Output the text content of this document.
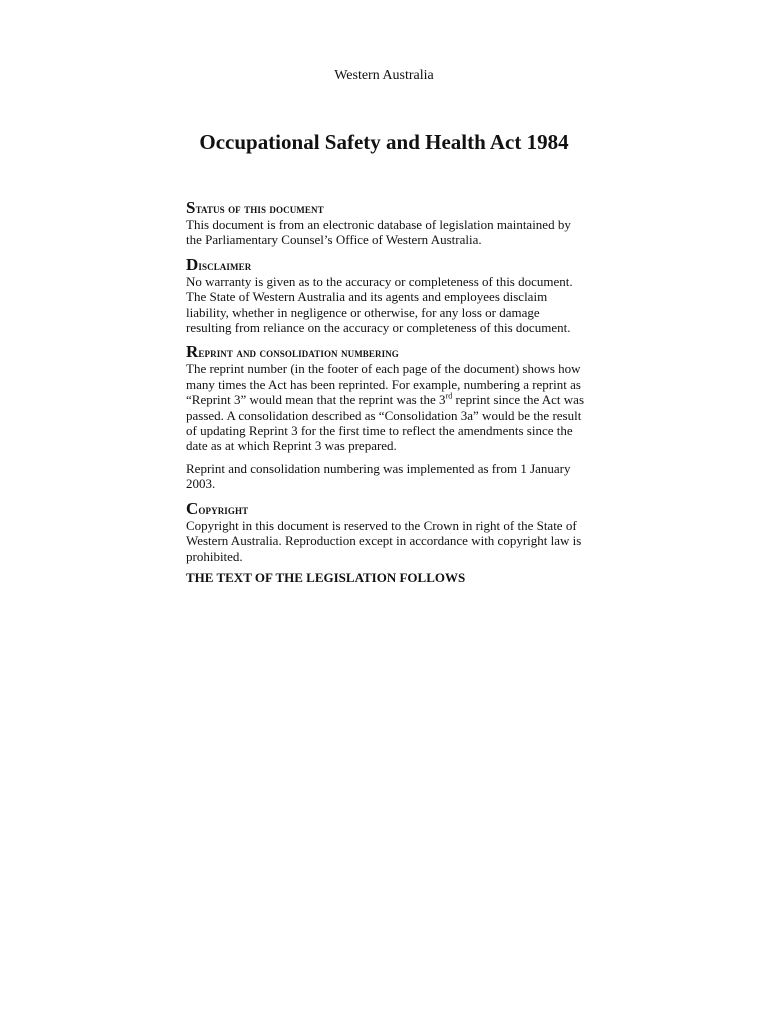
Western Australia
Occupational Safety and Health Act 1984
Status of this document

This document is from an electronic database of legislation maintained by the Parliamentary Counsel’s Office of Western Australia.

Disclaimer

No warranty is given as to the accuracy or completeness of this document. The State of Western Australia and its agents and employees disclaim liability, whether in negligence or otherwise, for any loss or damage resulting from reliance on the accuracy or completeness of this document.

Reprint and consolidation numbering

The reprint number (in the footer of each page of the document) shows how many times the Act has been reprinted. For example, numbering a reprint as “Reprint 3” would mean that the reprint was the 3rd reprint since the Act was passed. A consolidation described as “Consolidation 3a” would be the result of updating Reprint 3 for the first time to reflect the amendments since the date as at which Reprint 3 was prepared.

Reprint and consolidation numbering was implemented as from 1 January 2003.

Copyright

Copyright in this document is reserved to the Crown in right of the State of Western Australia. Reproduction except in accordance with copyright law is prohibited.

THE TEXT OF THE LEGISLATION FOLLOWS
